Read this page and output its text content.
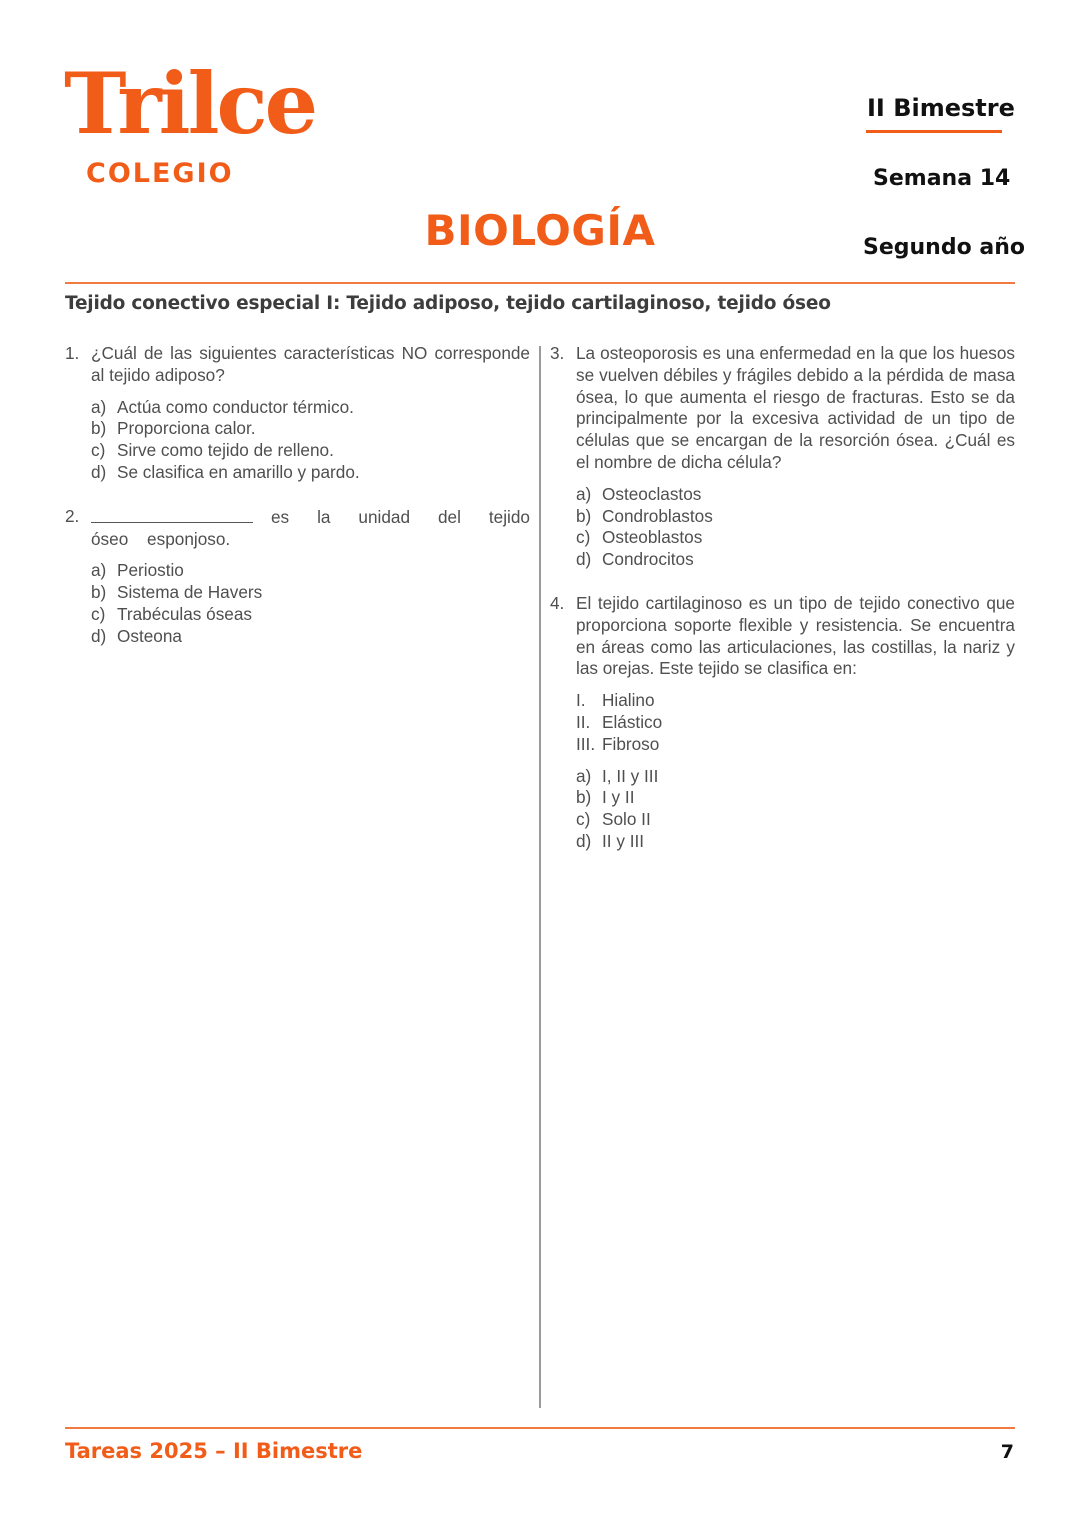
Trilce
COLEGIO
BIOLOGÍA
II Bimestre
Semana 14
Segundo año
Tejido conectivo especial I: Tejido adiposo, tejido cartilaginoso, tejido óseo
1. ¿Cuál de las siguientes características NO corresponde al tejido adiposo?
a) Actúa como conductor térmico.
b) Proporciona calor.
c) Sirve como tejido de relleno.
d) Se clasifica en amarillo y pardo.
2.	es la unidad del tejido óseo esponjoso.
a) Periostio
b) Sistema de Havers
c) Trabéculas óseas
d) Osteona
3. La osteoporosis es una enfermedad en la que los huesos se vuelven débiles y frágiles debido a la pérdida de masa ósea, lo que aumenta el riesgo de fracturas. Esto se da principalmente por la excesiva actividad de un tipo de células que se encargan de la resorción ósea. ¿Cuál es el nombre de dicha célula?
a) Osteoclastos
b) Condroblastos
c) Osteoblastos
d) Condrocitos
4. El tejido cartilaginoso es un tipo de tejido conectivo que proporciona soporte flexible y resistencia. Se encuentra en áreas como las articulaciones, las costillas, la nariz y las orejas. Este tejido se clasifica en:
I. Hialino
II. Elástico
III. Fibroso
a) I, II y III
b) I y II
c) Solo II
d) II y III
Tareas 2025 – II Bimestre	7
